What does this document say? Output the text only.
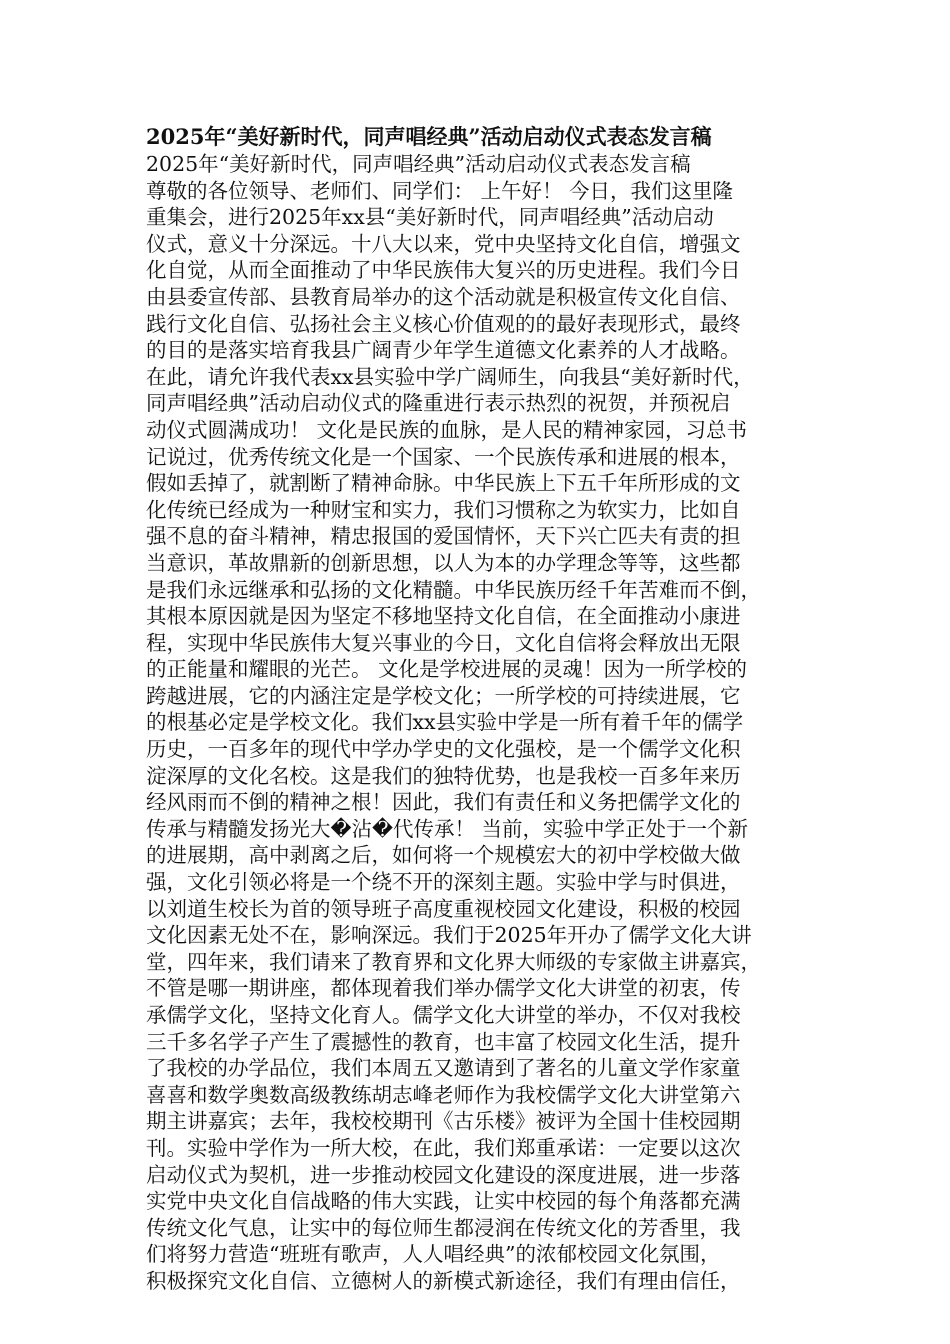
2025年“美好新时代，同声唱经典”活动启动仪式表态发言稿
2025年“美好新时代，同声唱经典”活动启动仪式表态发言稿
尊敬的各位领导、老师们、同学们： 上午好！ 今日，我们这里隆
重集会，进行2025年xx县“美好新时代，同声唱经典”活动启动
仪式，意义十分深远。十八大以来，党中央坚持文化自信，增强文
化自觉，从而全面推动了中华民族伟大复兴的历史进程。我们今日
由县委宣传部、县教育局举办的这个活动就是积极宣传文化自信、
践行文化自信、弘扬社会主义核心价值观的的最好表现形式，最终
的目的是落实培育我县广阔青少年学生道德文化素养的人才战略。
在此，请允许我代表xx县实验中学广阔师生，向我县“美好新时代，
同声唱经典”活动启动仪式的隆重进行表示热烈的祝贺，并预祝启
动仪式圆满成功！ 文化是民族的血脉，是人民的精神家园，习总书
记说过，优秀传统文化是一个国家、一个民族传承和进展的根本，
假如丢掉了，就割断了精神命脉。中华民族上下五千年所形成的文
化传统已经成为一种财宝和实力，我们习惯称之为软实力，比如自
强不息的奋斗精神，精忠报国的爱国情怀，天下兴亡匹夫有责的担
当意识，革故鼎新的创新思想，以人为本的办学理念等等，这些都
是我们永远继承和弘扬的文化精髓。中华民族历经千年苦难而不倒，
其根本原因就是因为坚定不移地坚持文化自信，在全面推动小康进
程，实现中华民族伟大复兴事业的今日，文化自信将会释放出无限
的正能量和耀眼的光芒。 文化是学校进展的灵魂！因为一所学校的
跨越进展，它的内涵注定是学校文化；一所学校的可持续进展，它
的根基必定是学校文化。我们xx县实验中学是一所有着千年的儒学
历史，一百多年的现代中学办学史的文化强校，是一个儒学文化积
淀深厚的文化名校。这是我们的独特优势，也是我校一百多年来历
经风雨而不倒的精神之根！因此，我们有责任和义务把儒学文化的
传承与精髓发扬光大�沾�代传承！ 当前，实验中学正处于一个新
的进展期，高中剥离之后，如何将一个规模宏大的初中学校做大做
强，文化引领必将是一个绕不开的深刻主题。实验中学与时俱进，
以刘道生校长为首的领导班子高度重视校园文化建设，积极的校园
文化因素无处不在，影响深远。我们于2025年开办了儒学文化大讲
堂，四年来，我们请来了教育界和文化界大师级的专家做主讲嘉宾，
不管是哪一期讲座，都体现着我们举办儒学文化大讲堂的初衷，传
承儒学文化，坚持文化育人。儒学文化大讲堂的举办，不仅对我校
三千多名学子产生了震撼性的教育，也丰富了校园文化生活，提升
了我校的办学品位，我们本周五又邀请到了著名的儿童文学作家童
喜喜和数学奥数高级教练胡志峰老师作为我校儒学文化大讲堂第六
期主讲嘉宾；去年，我校校期刊《古乐楼》被评为全国十佳校园期
刊。实验中学作为一所大校，在此，我们郑重承诺：一定要以这次
启动仪式为契机，进一步推动校园文化建设的深度进展，进一步落
实党中央文化自信战略的伟大实践，让实中校园的每个角落都充满
传统文化气息，让实中的每位师生都浸润在传统文化的芳香里，我
们将努力营造“班班有歌声，人人唱经典”的浓郁校园文化氛围，
积极探究文化自信、立德树人的新模式新途径，我们有理由信任，
